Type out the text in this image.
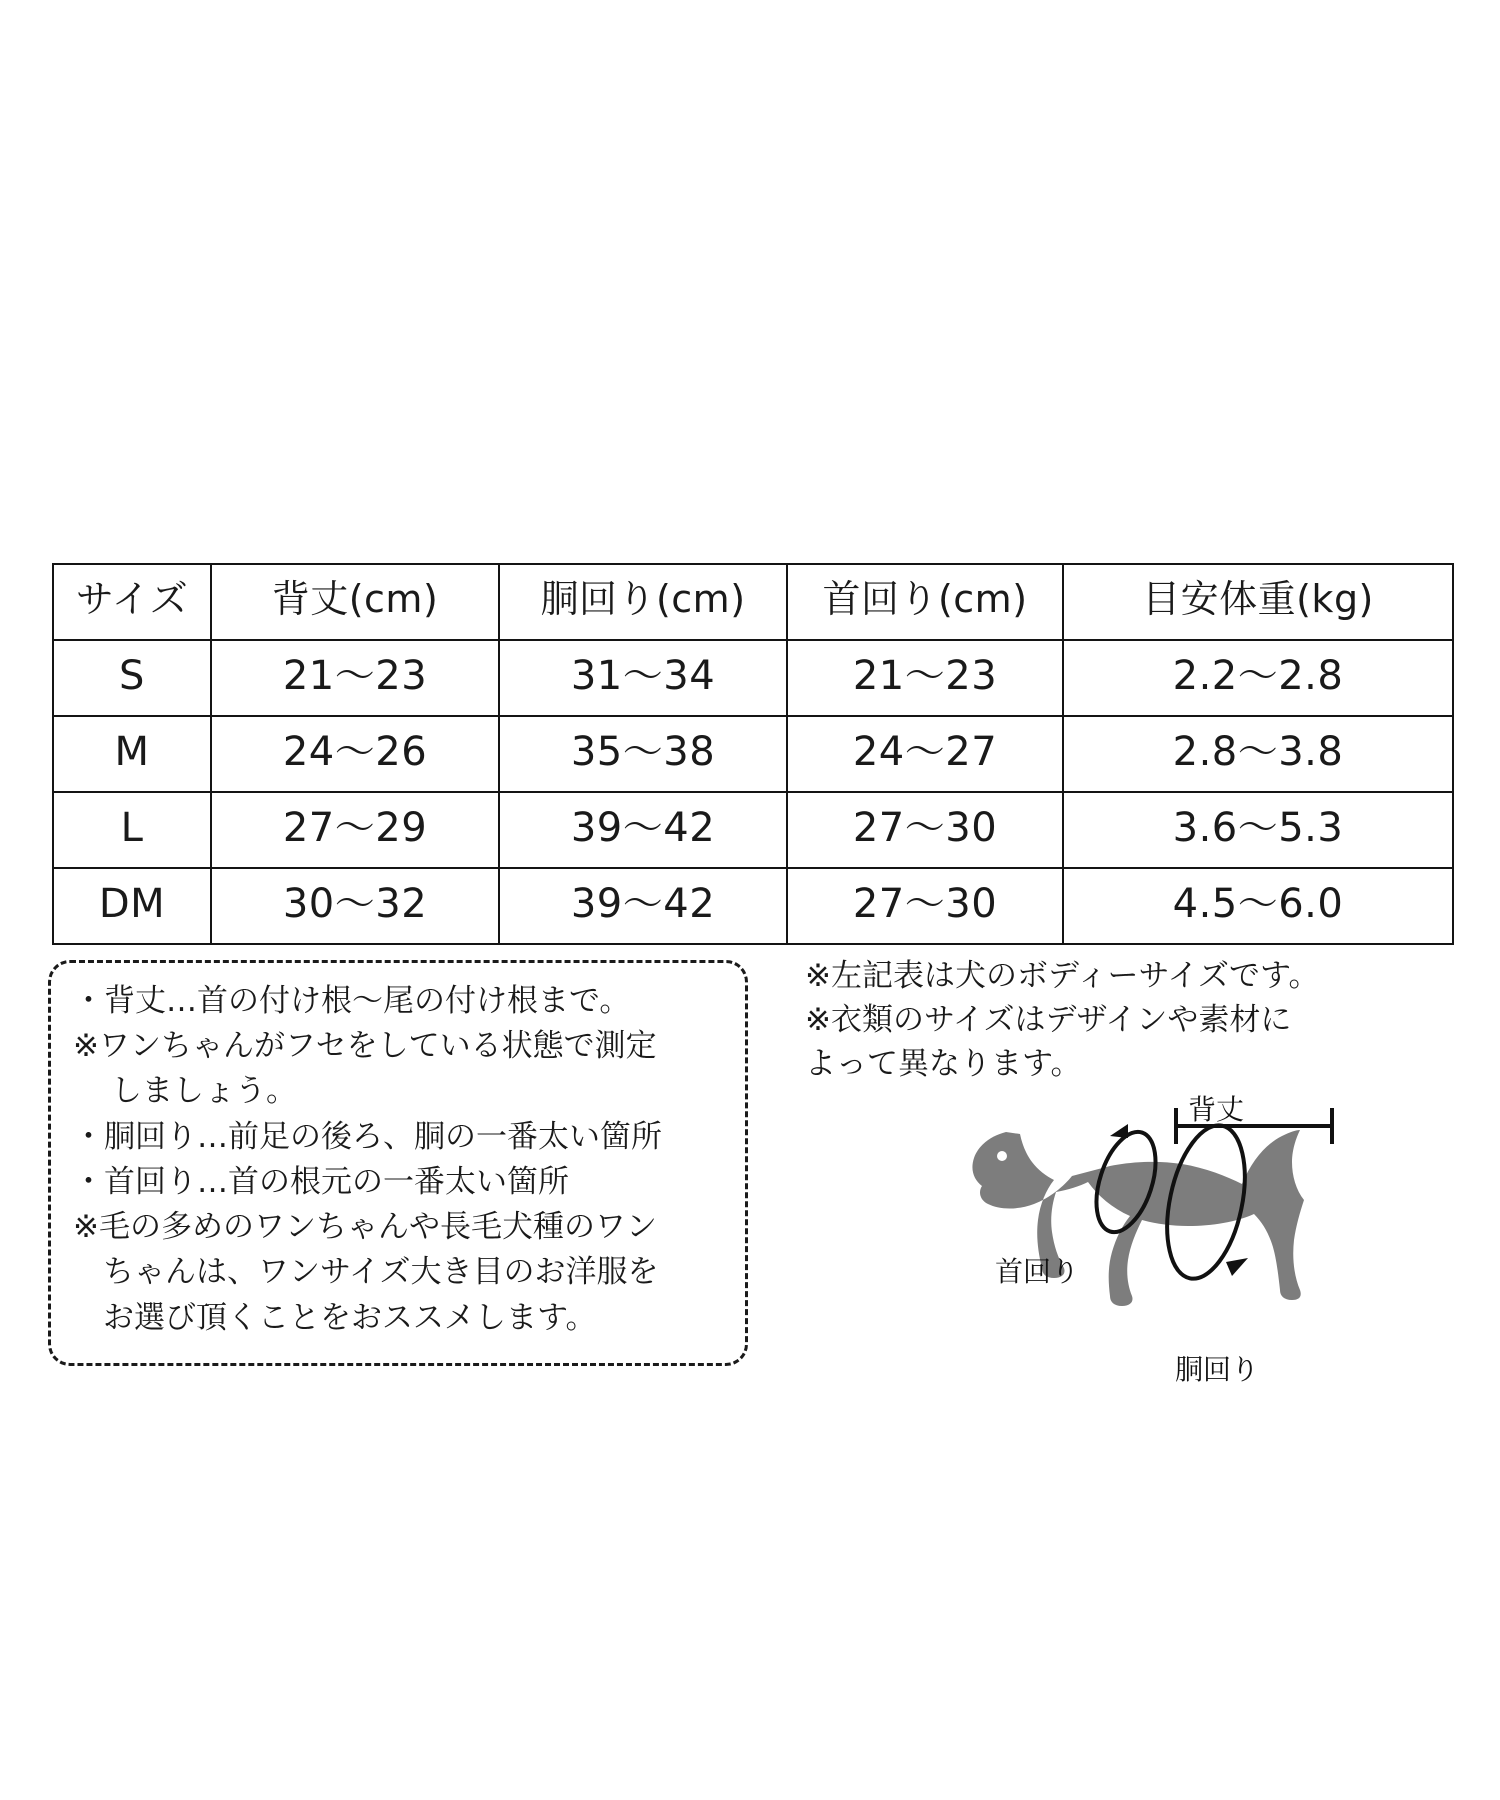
サイズ	背丈(cm)	胴回り(cm)	首回り(cm)	目安体重(kg)
S	21〜23	31〜34	21〜23	2.2〜2.8
M	24〜26	35〜38	24〜27	2.8〜3.8
L	27〜29	39〜42	27〜30	3.6〜5.3
DM	30〜32	39〜42	27〜30	4.5〜6.0

・背丈…首の付け根〜尾の付け根まで。

※ワンちゃんがフセをしている状態で測定

しましょう。

・胴回り…前足の後ろ、胴の一番太い箇所

・首回り…首の根元の一番太い箇所

※毛の多めのワンちゃんや長毛犬種のワン

ちゃんは、ワンサイズ大き目のお洋服を

お選び頂くことをおススメします。

※左記表は犬のボディーサイズです。

※衣類のサイズはデザインや素材に

よって異なります。

背丈
首回り
胴回り
